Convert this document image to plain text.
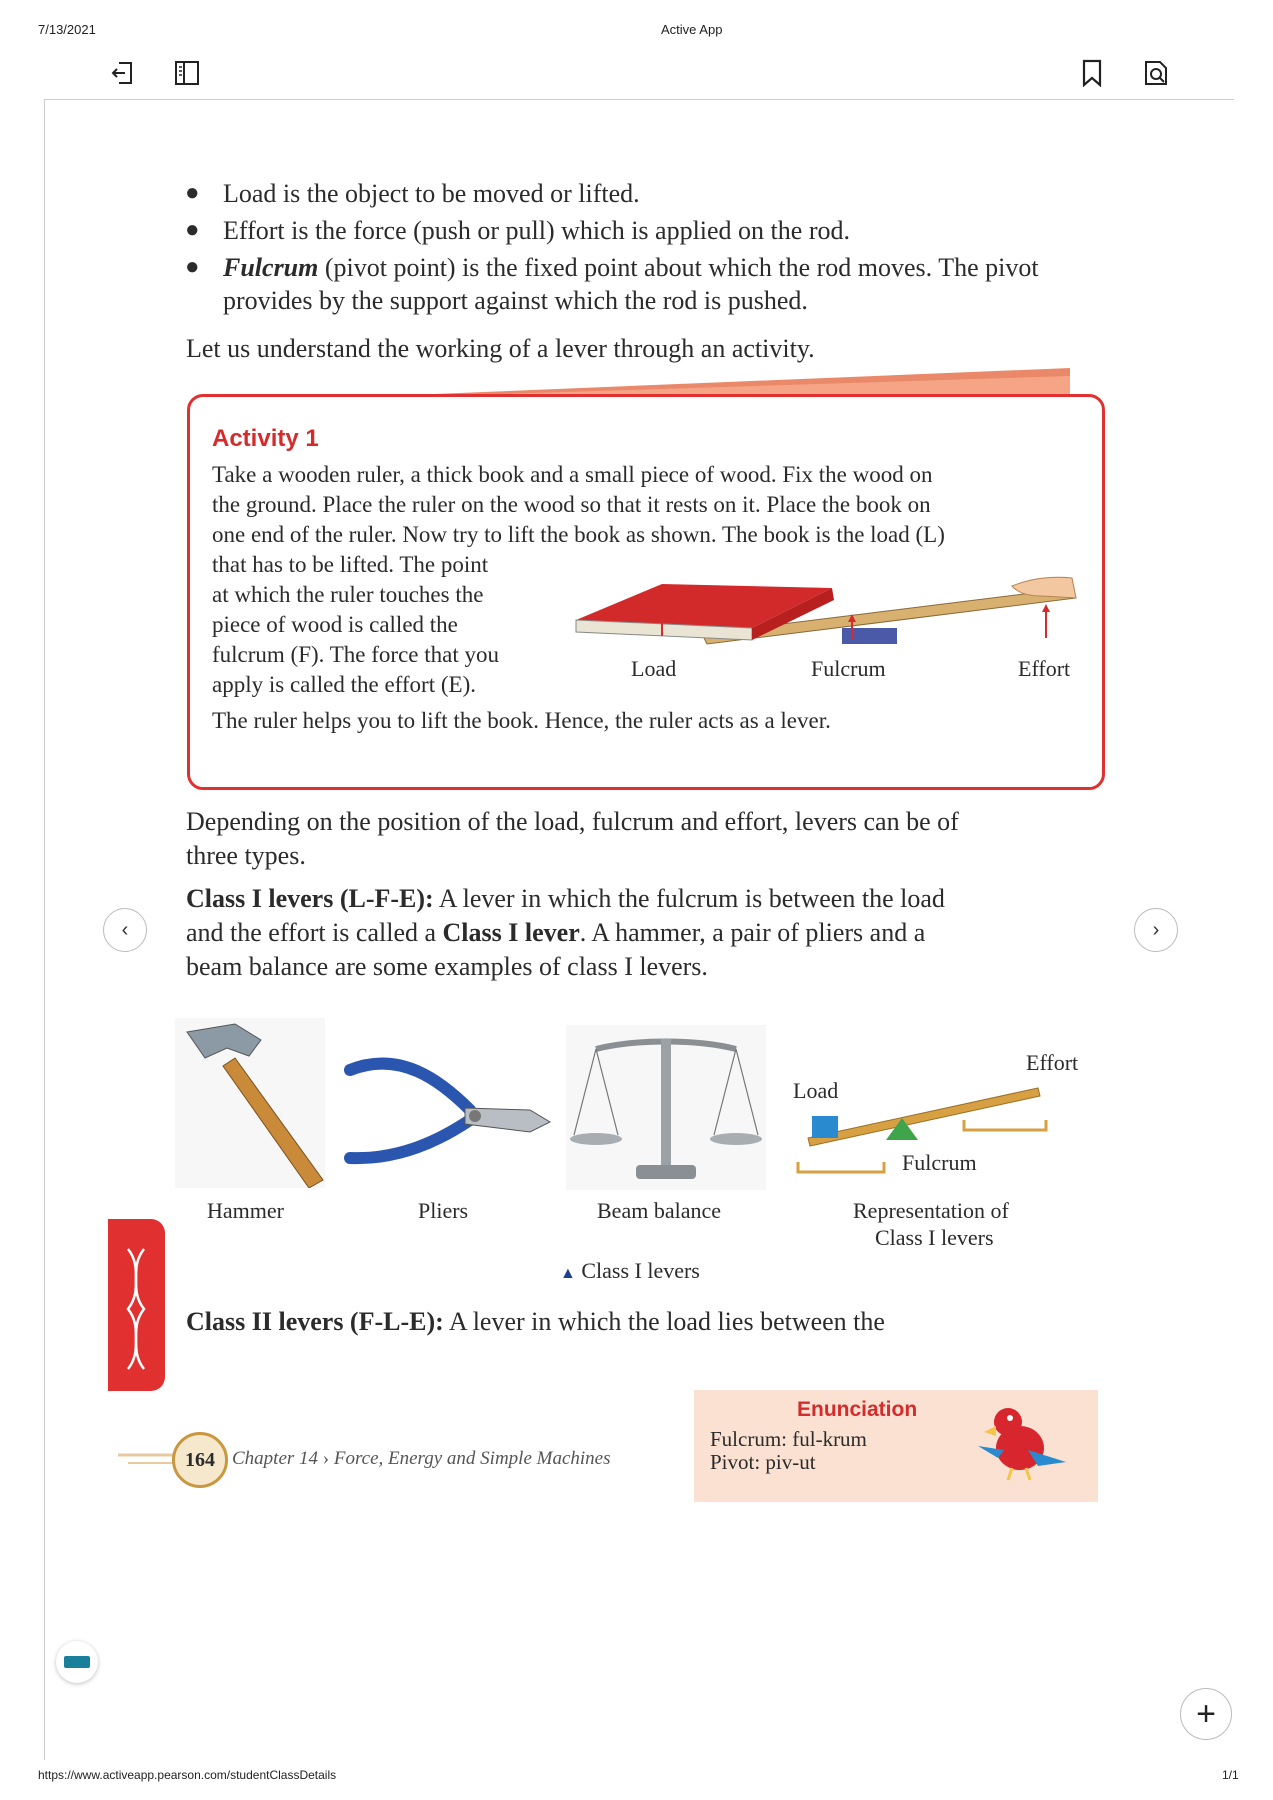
7/13/2021	Active App
● Load is the object to be moved or lifted.
● Effort is the force (push or pull) which is applied on the rod.
● Fulcrum (pivot point) is the fixed point about which the rod moves. The pivot provides by the support against which the rod is pushed.
Let us understand the working of a lever through an activity.
Activity 1
Take a wooden ruler, a thick book and a small piece of wood. Fix the wood on
the ground. Place the ruler on the wood so that it rests on it. Place the book on
one end of the ruler. Now try to lift the book as shown. The book is the load (L)
that has to be lifted. The point
at which the ruler touches the
piece of wood is called the
fulcrum (F). The force that you
apply is called the effort (E).
The ruler helps you to lift the book. Hence, the ruler acts as a lever.
Load	Fulcrum	Effort
Depending on the position of the load, fulcrum and effort, levers can be of
three types.
Class I levers (L-F-E): A lever in which the fulcrum is between the load
and the effort is called a Class I lever. A hammer, a pair of pliers and a
beam balance are some examples of class I levers.
‹	›
Load
Effort
Fulcrum
Hammer	Pliers	Beam balance	Representation of
Class I levers
▲ Class I levers
Class II levers (F-L-E): A lever in which the load lies between the
164 Chapter 14 › Force, Energy and Simple Machines
Enunciation
Fulcrum: ful-krum
Pivot: piv-ut
+
https://www.activeapp.pearson.com/studentClassDetails	1/1
